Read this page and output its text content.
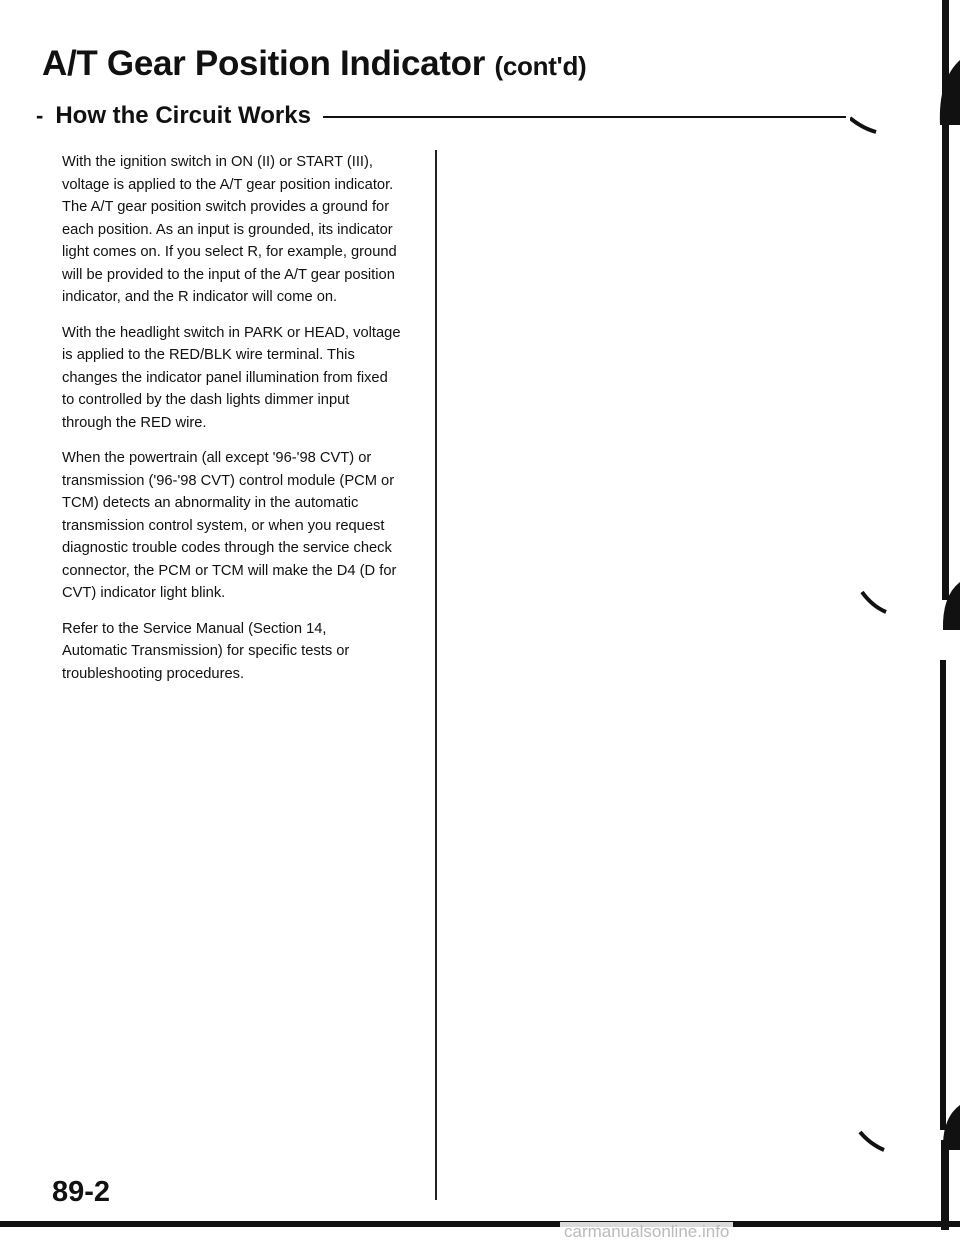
A/T Gear Position Indicator (cont'd)
- How the Circuit Works

With the ignition switch in ON (II) or START (III),
voltage is applied to the A/T gear position indicator.
The A/T gear position switch provides a ground for
each position. As an input is grounded, its indicator
light comes on. If you select R, for example, ground
will be provided to the input of the A/T gear position
indicator, and the R indicator will come on.

With the headlight switch in PARK or HEAD, voltage
is applied to the RED/BLK wire terminal. This
changes the indicator panel illumination from fixed
to controlled by the dash lights dimmer input
through the RED wire.

When the powertrain (all except '96-'98 CVT) or
transmission ('96-'98 CVT) control module (PCM or
TCM) detects an abnormality in the automatic
transmission control system, or when you request
diagnostic trouble codes through the service check
connector, the PCM or TCM will make the D4 (D for
CVT) indicator light blink.

Refer to the Service Manual (Section 14,
Automatic Transmission) for specific tests or
troubleshooting procedures.

89-2

carmanualsonline.info
